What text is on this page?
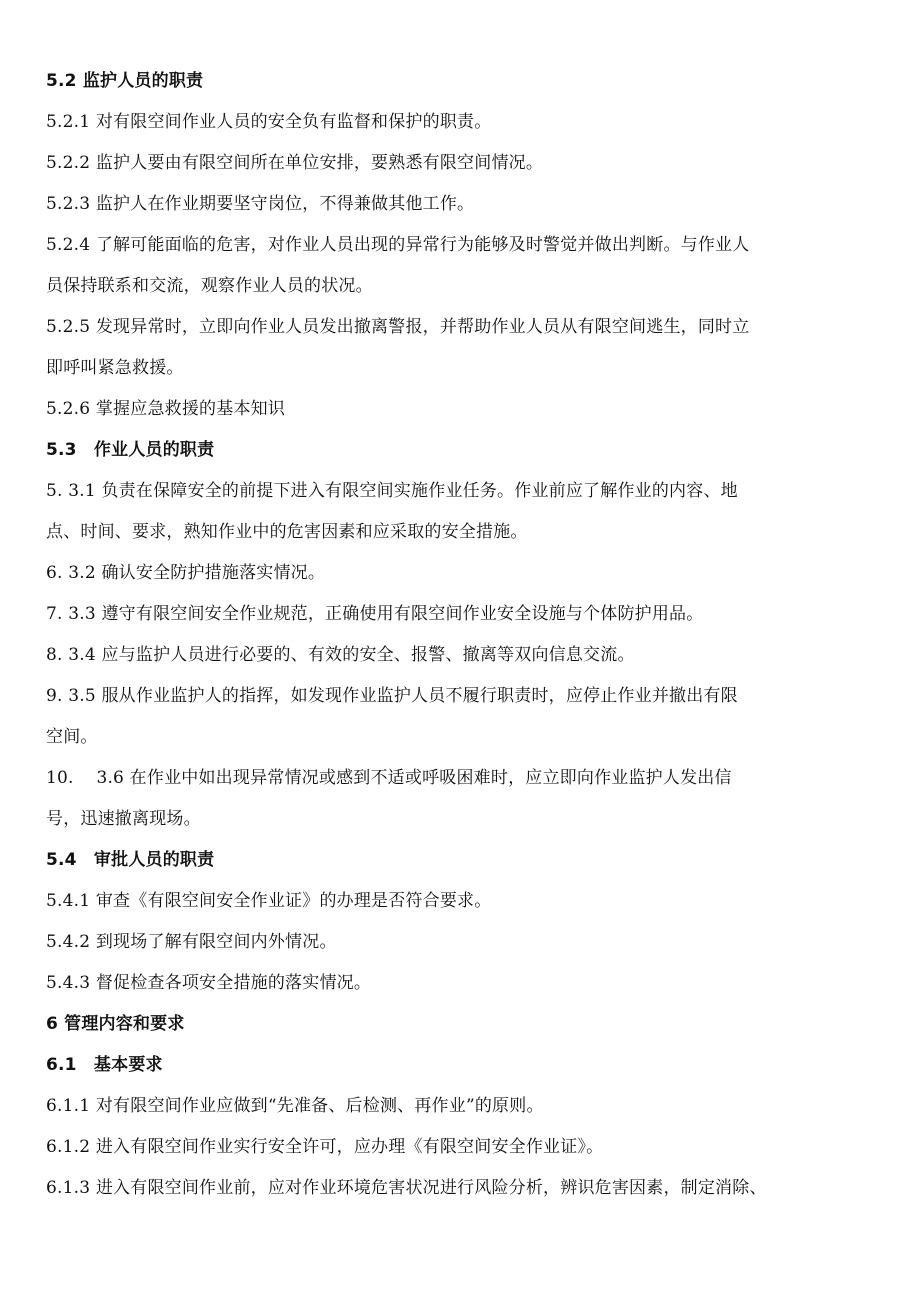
5.2 监护人员的职责
5.2.1 对有限空间作业人员的安全负有监督和保护的职责。
5.2.2 监护人要由有限空间所在单位安排，要熟悉有限空间情况。
5.2.3 监护人在作业期要坚守岗位，不得兼做其他工作。
5.2.4 了解可能面临的危害，对作业人员出现的异常行为能够及时警觉并做出判断。与作业人
员保持联系和交流，观察作业人员的状况。
5.2.5 发现异常时，立即向作业人员发出撤离警报，并帮助作业人员从有限空间逃生，同时立
即呼叫紧急救援。
5.2.6 掌握应急救援的基本知识
5.3　作业人员的职责
5. 3.1 负责在保障安全的前提下进入有限空间实施作业任务。作业前应了解作业的内容、地
点、时间、要求，熟知作业中的危害因素和应采取的安全措施。
6. 3.2 确认安全防护措施落实情况。
7. 3.3 遵守有限空间安全作业规范，正确使用有限空间作业安全设施与个体防护用品。
8. 3.4 应与监护人员进行必要的、有效的安全、报警、撤离等双向信息交流。
9. 3.5 服从作业监护人的指挥，如发现作业监护人员不履行职责时，应停止作业并撤出有限
空间。
10.　 3.6 在作业中如出现异常情况或感到不适或呼吸困难时，应立即向作业监护人发出信
号，迅速撤离现场。
5.4　审批人员的职责
5.4.1 审查《有限空间安全作业证》的办理是否符合要求。
5.4.2 到现场了解有限空间内外情况。
5.4.3 督促检查各项安全措施的落实情况。
6 管理内容和要求
6.1　基本要求
6.1.1 对有限空间作业应做到“先准备、后检测、再作业”的原则。
6.1.2 进入有限空间作业实行安全许可，应办理《有限空间安全作业证》。
6.1.3 进入有限空间作业前，应对作业环境危害状况进行风险分析，辨识危害因素，制定消除、
